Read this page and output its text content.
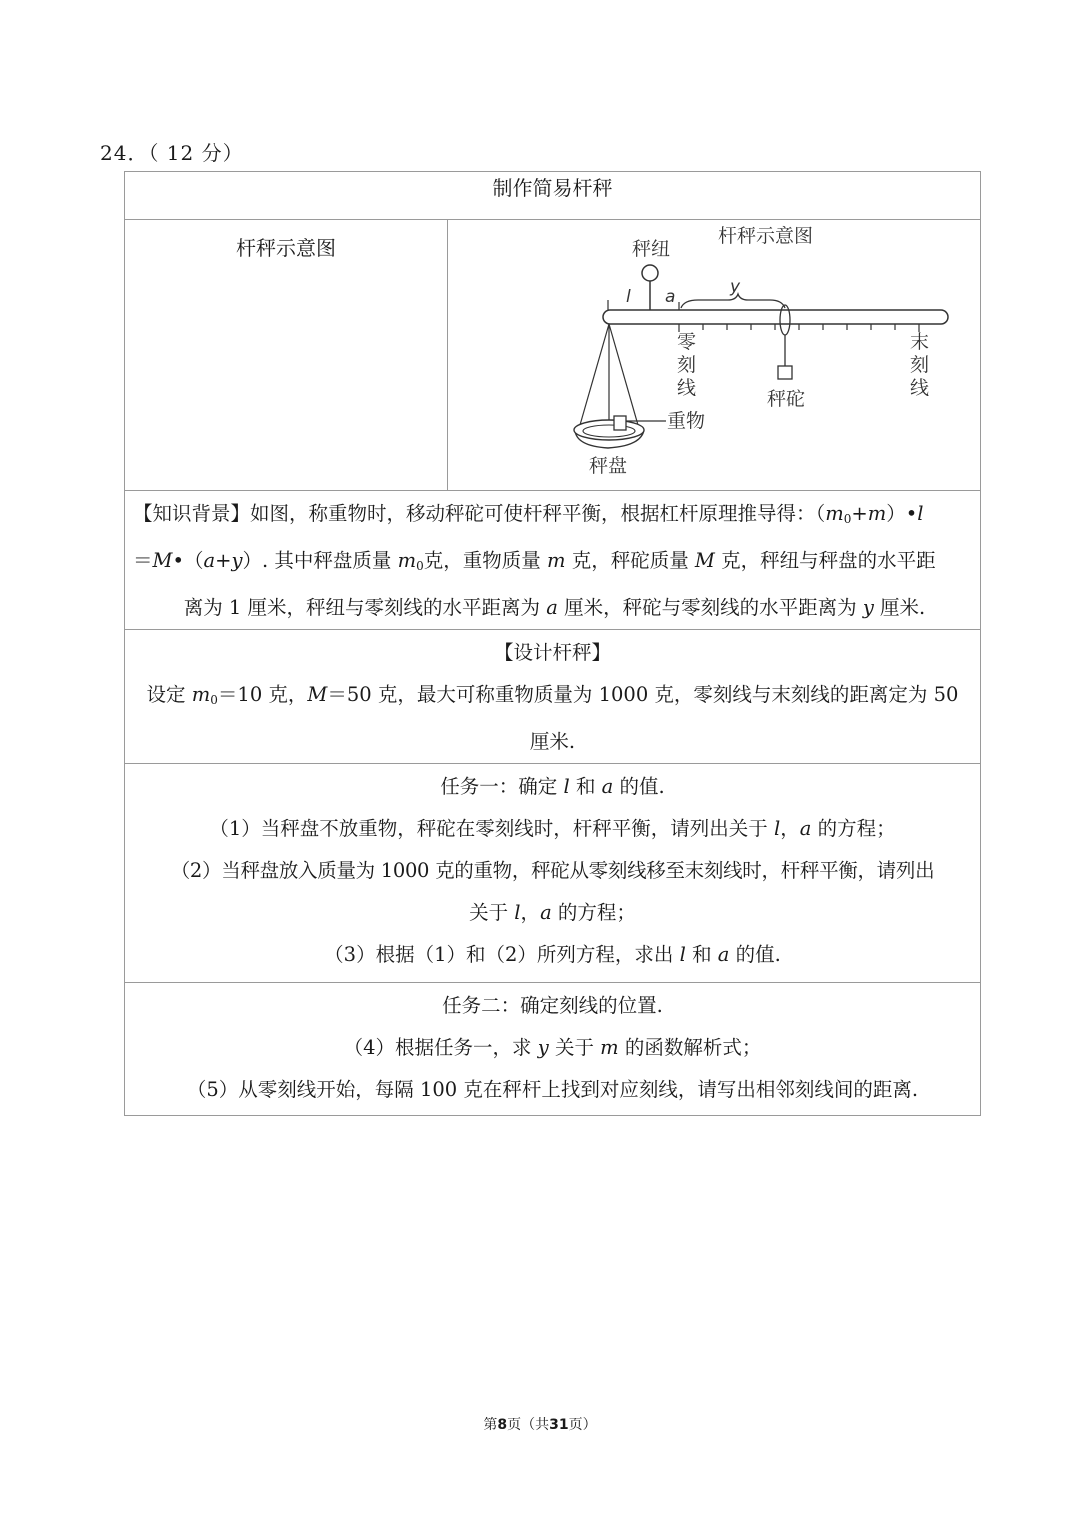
24．（ 12 分）
制作简易杆秤
杆秤示意图	杆秤示意图
秤纽
l a	y
零
刻
线
末
刻
线
秤砣
重物
秤盘

【知识背景】如图，称重物时，移动秤砣可使杆秤平衡，根据杠杆原理推导得：$(m_0+m)•l$
＝M•（a+y）. 其中秤盘质量 $m_0$克，重物质量 m 克，秤砣质量 M 克，秤纽与秤盘的水平距
离为 1 厘米，秤纽与零刻线的水平距离为 a 厘米，秤砣与零刻线的水平距离为 y 厘米.

【设计杆秤】
设定 $m_0=10$ 克，M＝50 克，最大可称重物质量为 1000 克，零刻线与末刻线的距离定为 50
厘米.

任务一：确定 l 和 a 的值.
（1）当秤盘不放重物，秤砣在零刻线时，杆秤平衡，请列出关于 l，a 的方程；
（2）当秤盘放入质量为 1000 克的重物，秤砣从零刻线移至末刻线时，杆秤平衡，请列出
关于 l，a 的方程；
（3）根据（1）和（2）所列方程，求出 l 和 a 的值.

任务二：确定刻线的位置.
（4）根据任务一，求 y 关于 m 的函数解析式；
（5）从零刻线开始，每隔 100 克在秤杆上找到对应刻线，请写出相邻刻线间的距离.
第8页（共31页）
